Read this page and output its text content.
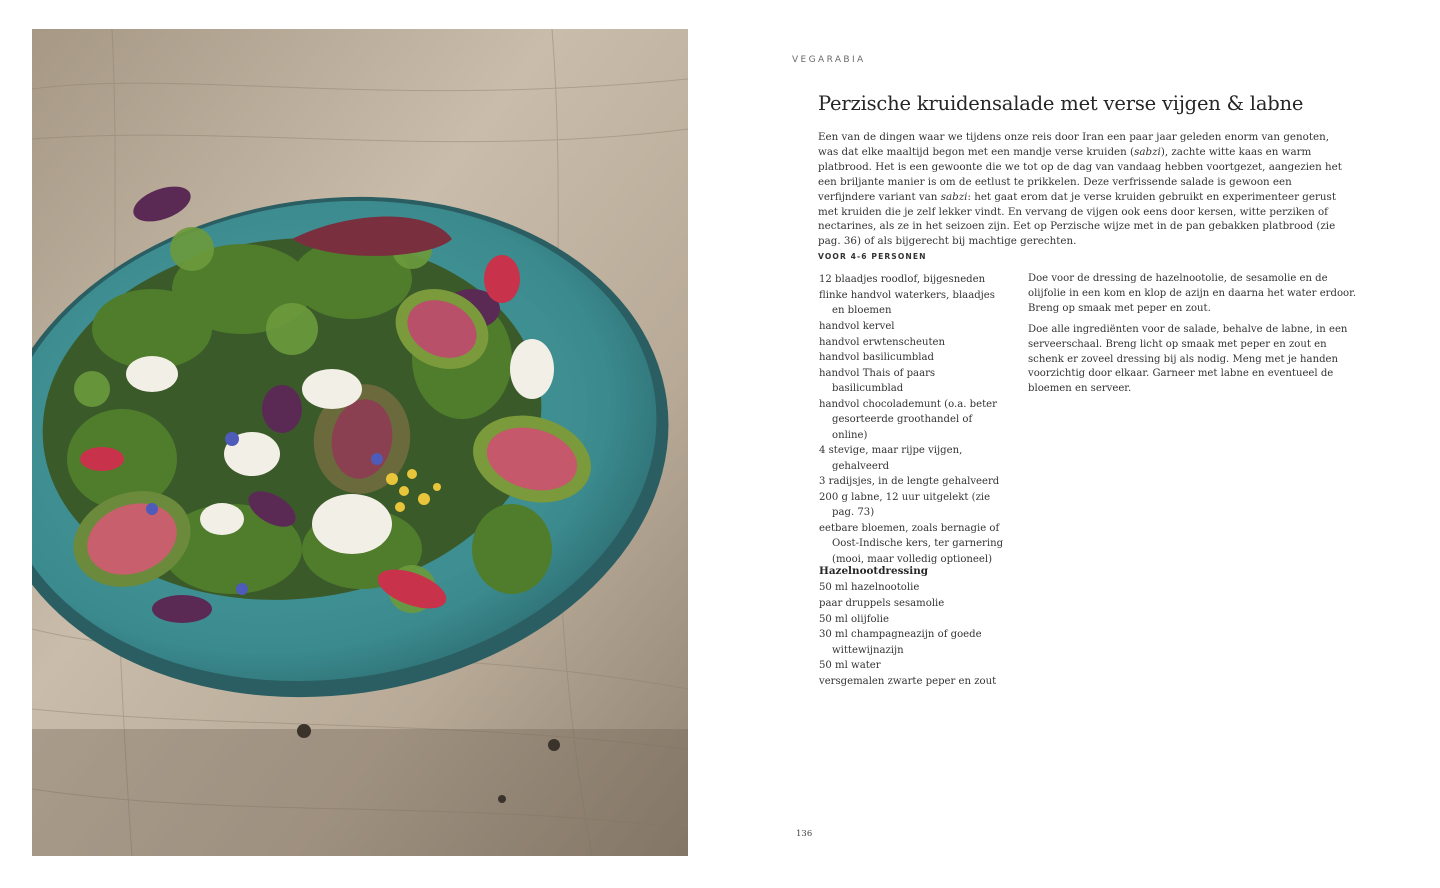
VEGARABIA
Perzische kruidensalade met verse vijgen & labne

Een van de dingen waar we tijdens onze reis door Iran een paar jaar geleden enorm van genoten, was dat elke maaltijd begon met een mandje verse kruiden (sabzi), zachte witte kaas en warm platbrood. Het is een gewoonte die we tot op de dag van vandaag hebben voortgezet, aangezien het een briljante manier is om de eetlust te prikkelen. Deze verfrissende salade is gewoon een verfijndere variant van sabzi: het gaat erom dat je verse kruiden gebruikt en experimenteer gerust met kruiden die je zelf lekker vindt. En vervang de vijgen ook eens door kersen, witte perziken of nectarines, als ze in het seizoen zijn. Eet op Perzische wijze met in de pan gebakken platbrood (zie pag. 36) of als bijgerecht bij machtige gerechten.

VOOR 4-6 PERSONEN
12 blaadjes roodlof, bijgesneden
flinke handvol waterkers, blaadjes en bloemen
handvol kervel
handvol erwtenscheuten
handvol basilicumblad
handvol Thais of paars basilicumblad
handvol chocolademunt (o.a. beter gesorteerde groothandel of online)
4 stevige, maar rijpe vijgen, gehalveerd
3 radijsjes, in de lengte gehalveerd
200 g labne, 12 uur uitgelekt (zie pag. 73)
eetbare bloemen, zoals bernagie of Oost-Indische kers, ter garnering (mooi, maar volledig optioneel)
Hazelnootdressing
50 ml hazelnootolie
paar druppels sesamolie
50 ml olijfolie
30 ml champagneazijn of goede wittewijnazijn
50 ml water
versgemalen zwarte peper en zout

Doe voor de dressing de hazelnootolie, de sesamolie en de olijfolie in een kom en klop de azijn en daarna het water erdoor. Breng op smaak met peper en zout.

Doe alle ingrediënten voor de salade, behalve de labne, in een serveerschaal. Breng licht op smaak met peper en zout en schenk er zoveel dressing bij als nodig. Meng met je handen voorzichtig door elkaar. Garneer met labne en eventueel de bloemen en serveer.

136
